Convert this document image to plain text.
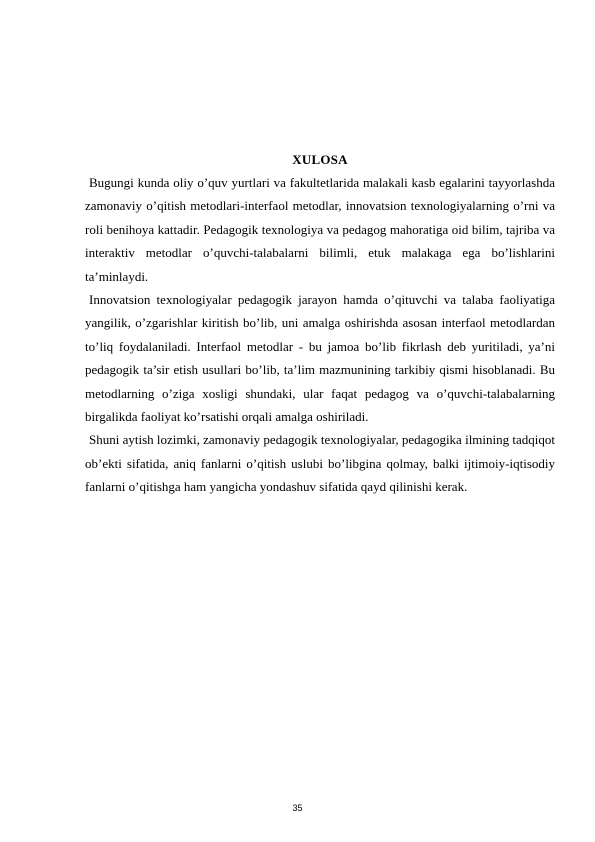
XULOSA

Bugungi kunda oliy o’quv yurtlari va fakultetlarida malakali kasb egalarini tayyorlashda zamonaviy o’qitish metodlari-interfaol metodlar, innovatsion texnologiyalarning o’rni va roli benihoya kattadir. Pedagogik texnologiya va pedagog mahoratiga oid bilim, tajriba va interaktiv metodlar o’quvchi-talabalarni bilimli, etuk malakaga ega bo’lishlarini ta’minlaydi.

Innovatsion texnologiyalar pedagogik jarayon hamda o’qituvchi va talaba faoliyatiga yangilik, o’zgarishlar kiritish bo’lib, uni amalga oshirishda asosan interfaol metodlardan to’liq foydalaniladi. Interfaol metodlar - bu jamoa bo’lib fikrlash deb yuritiladi, ya’ni pedagogik ta’sir etish usullari bo’lib, ta’lim mazmunining tarkibiy qismi hisoblanadi. Bu metodlarning o’ziga xosligi shundaki, ular faqat pedagog va o’quvchi-talabalarning birgalikda faoliyat ko’rsatishi orqali amalga oshiriladi.

Shuni aytish lozimki, zamonaviy pedagogik texnologiyalar, pedagogika ilmining tadqiqot ob’ekti sifatida, aniq fanlarni o’qitish uslubi bo’libgina qolmay, balki ijtimoiy-iqtisodiy fanlarni o’qitishga ham yangicha yondashuv sifatida qayd qilinishi kerak.

35
